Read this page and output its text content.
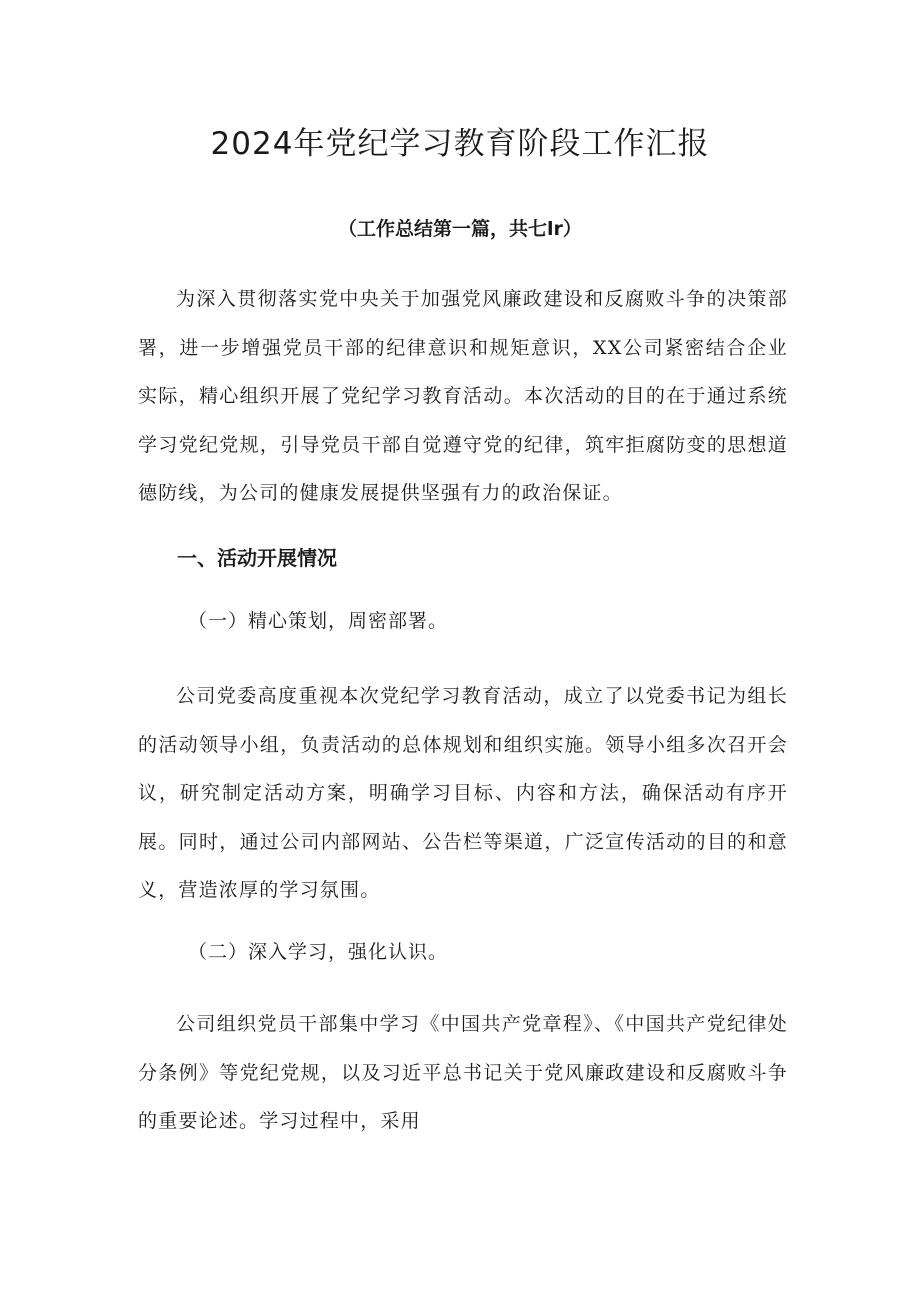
2024年党纪学习教育阶段工作汇报
（工作总结第一篇，共七lr）

为深入贯彻落实党中央关于加强党风廉政建设和反腐败斗争的决策部署，进一步增强党员干部的纪律意识和规矩意识，XX公司紧密结合企业实际，精心组织开展了党纪学习教育活动。本次活动的目的在于通过系统学习党纪党规，引导党员干部自觉遵守党的纪律，筑牢拒腐防变的思想道德防线，为公司的健康发展提供坚强有力的政治保证。

一、活动开展情况

（一）精心策划，周密部署。

公司党委高度重视本次党纪学习教育活动，成立了以党委书记为组长的活动领导小组，负责活动的总体规划和组织实施。领导小组多次召开会议，研究制定活动方案，明确学习目标、内容和方法，确保活动有序开展。同时，通过公司内部网站、公告栏等渠道，广泛宣传活动的目的和意义，营造浓厚的学习氛围。

（二）深入学习，强化认识。

公司组织党员干部集中学习《中国共产党章程》、《中国共产党纪律处分条例》等党纪党规，以及习近平总书记关于党风廉政建设和反腐败斗争的重要论述。学习过程中，采用
